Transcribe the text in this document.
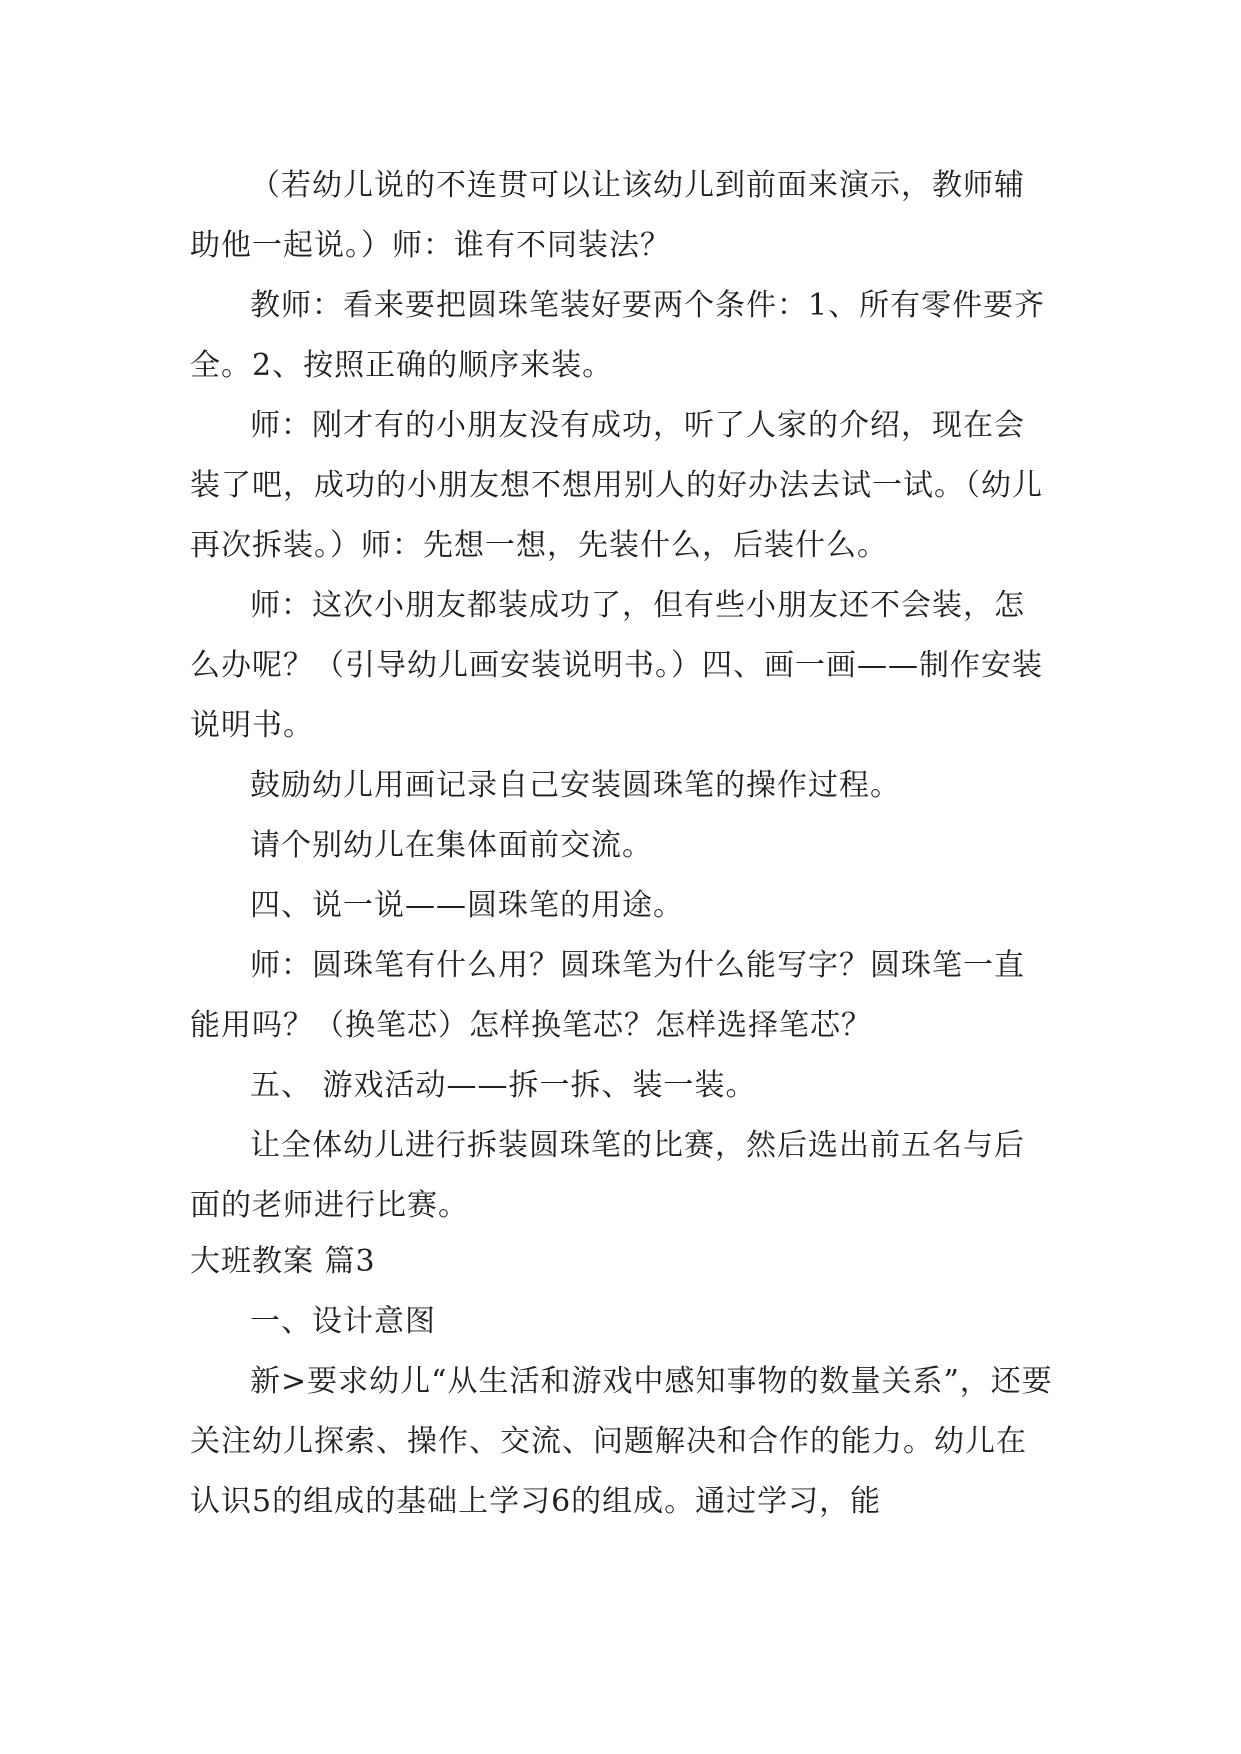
（若幼儿说的不连贯可以让该幼儿到前面来演示，教师辅助他一起说。）师：谁有不同装法？

教师：看来要把圆珠笔装好要两个条件：1、所有零件要齐全。2、按照正确的顺序来装。

师：刚才有的小朋友没有成功，听了人家的介绍，现在会装了吧，成功的小朋友想不想用别人的好办法去试一试。（幼儿再次拆装。）师：先想一想，先装什么，后装什么。

师：这次小朋友都装成功了，但有些小朋友还不会装，怎么办呢？（引导幼儿画安装说明书。）四、画一画——制作安装说明书。

鼓励幼儿用画记录自己安装圆珠笔的操作过程。

请个别幼儿在集体面前交流。

四、说一说——圆珠笔的用途。

师：圆珠笔有什么用？圆珠笔为什么能写字？圆珠笔一直能用吗？（换笔芯）怎样换笔芯？怎样选择笔芯？

五、 游戏活动——拆一拆、装一装。

让全体幼儿进行拆装圆珠笔的比赛，然后选出前五名与后面的老师进行比赛。

大班教案 篇3

一、设计意图

新>要求幼儿“从生活和游戏中感知事物的数量关系”，还要关注幼儿探索、操作、交流、问题解决和合作的能力。幼儿在认识5的组成的基础上学习6的组成。通过学习，能
